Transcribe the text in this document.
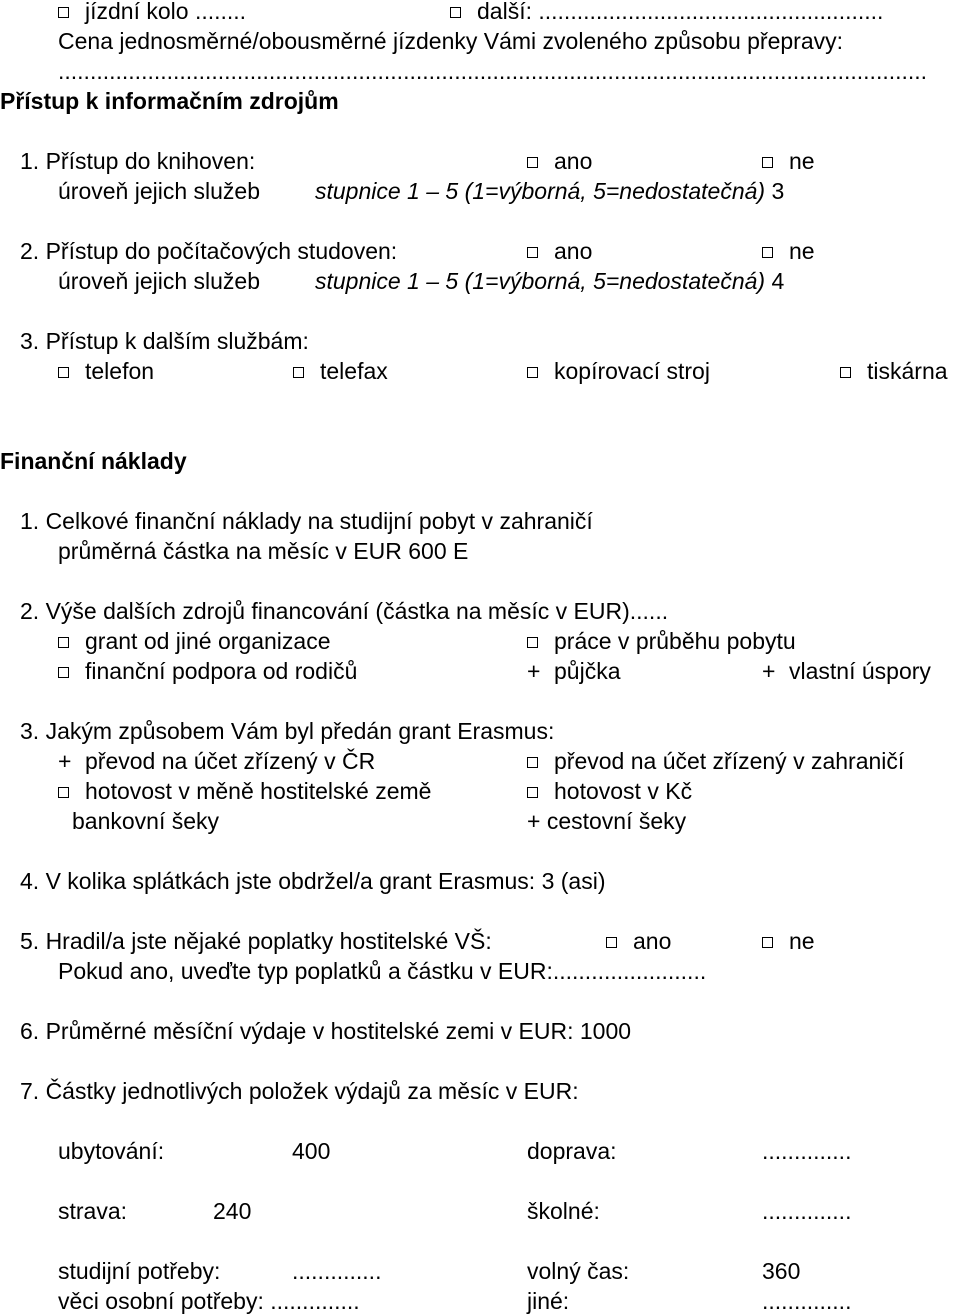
jízdní kolo ........	další: ......................................................
Cena jednosměrné/obousměrné jízdenky Vámi zvoleného způsobu přepravy:
........................................................................................................................................
Přístup k informačním zdrojům
1. Přístup do knihoven:	ano	ne
úroveň jejich služeb stupnice 1 – 5 (1=výborná, 5=nedostatečná) 3
2. Přístup do počítačových studoven:	ano	ne
úroveň jejich služeb stupnice 1 – 5 (1=výborná, 5=nedostatečná) 4
3. Přístup k dalším službám:
telefon	telefax	kopírovací stroj	tiskárna
Finanční náklady
1. Celkové finanční náklady na studijní pobyt v zahraničí
průměrná částka na měsíc v EUR 600 E
2. Výše dalších zdrojů financování (částka na měsíc v EUR)......
grant od jiné organizace	práce v průběhu pobytu
finanční podpora od rodičů	+ půjčka	+ vlastní úspory
3. Jakým způsobem Vám byl předán grant Erasmus:
+ převod na účet zřízený v ČR	převod na účet zřízený v zahraničí
hotovost v měně hostitelské země	hotovost v Kč
bankovní šeky	+ cestovní šeky
4. V kolika splátkách jste obdržel/a grant Erasmus: 3 (asi)
5. Hradil/a jste nějaké poplatky hostitelské VŠ:	ano	ne
Pokud ano, uveďte typ poplatků a částku v EUR:........................
6. Průměrné měsíční výdaje v hostitelské zemi v EUR: 1000
7. Částky jednotlivých položek výdajů za měsíc v EUR:
ubytování:	400	doprava:	..............
strava:	240	školné:	..............
studijní potřeby:	..............	volný čas:	360
věci osobní potřeby: ..............	jiné:	..............
